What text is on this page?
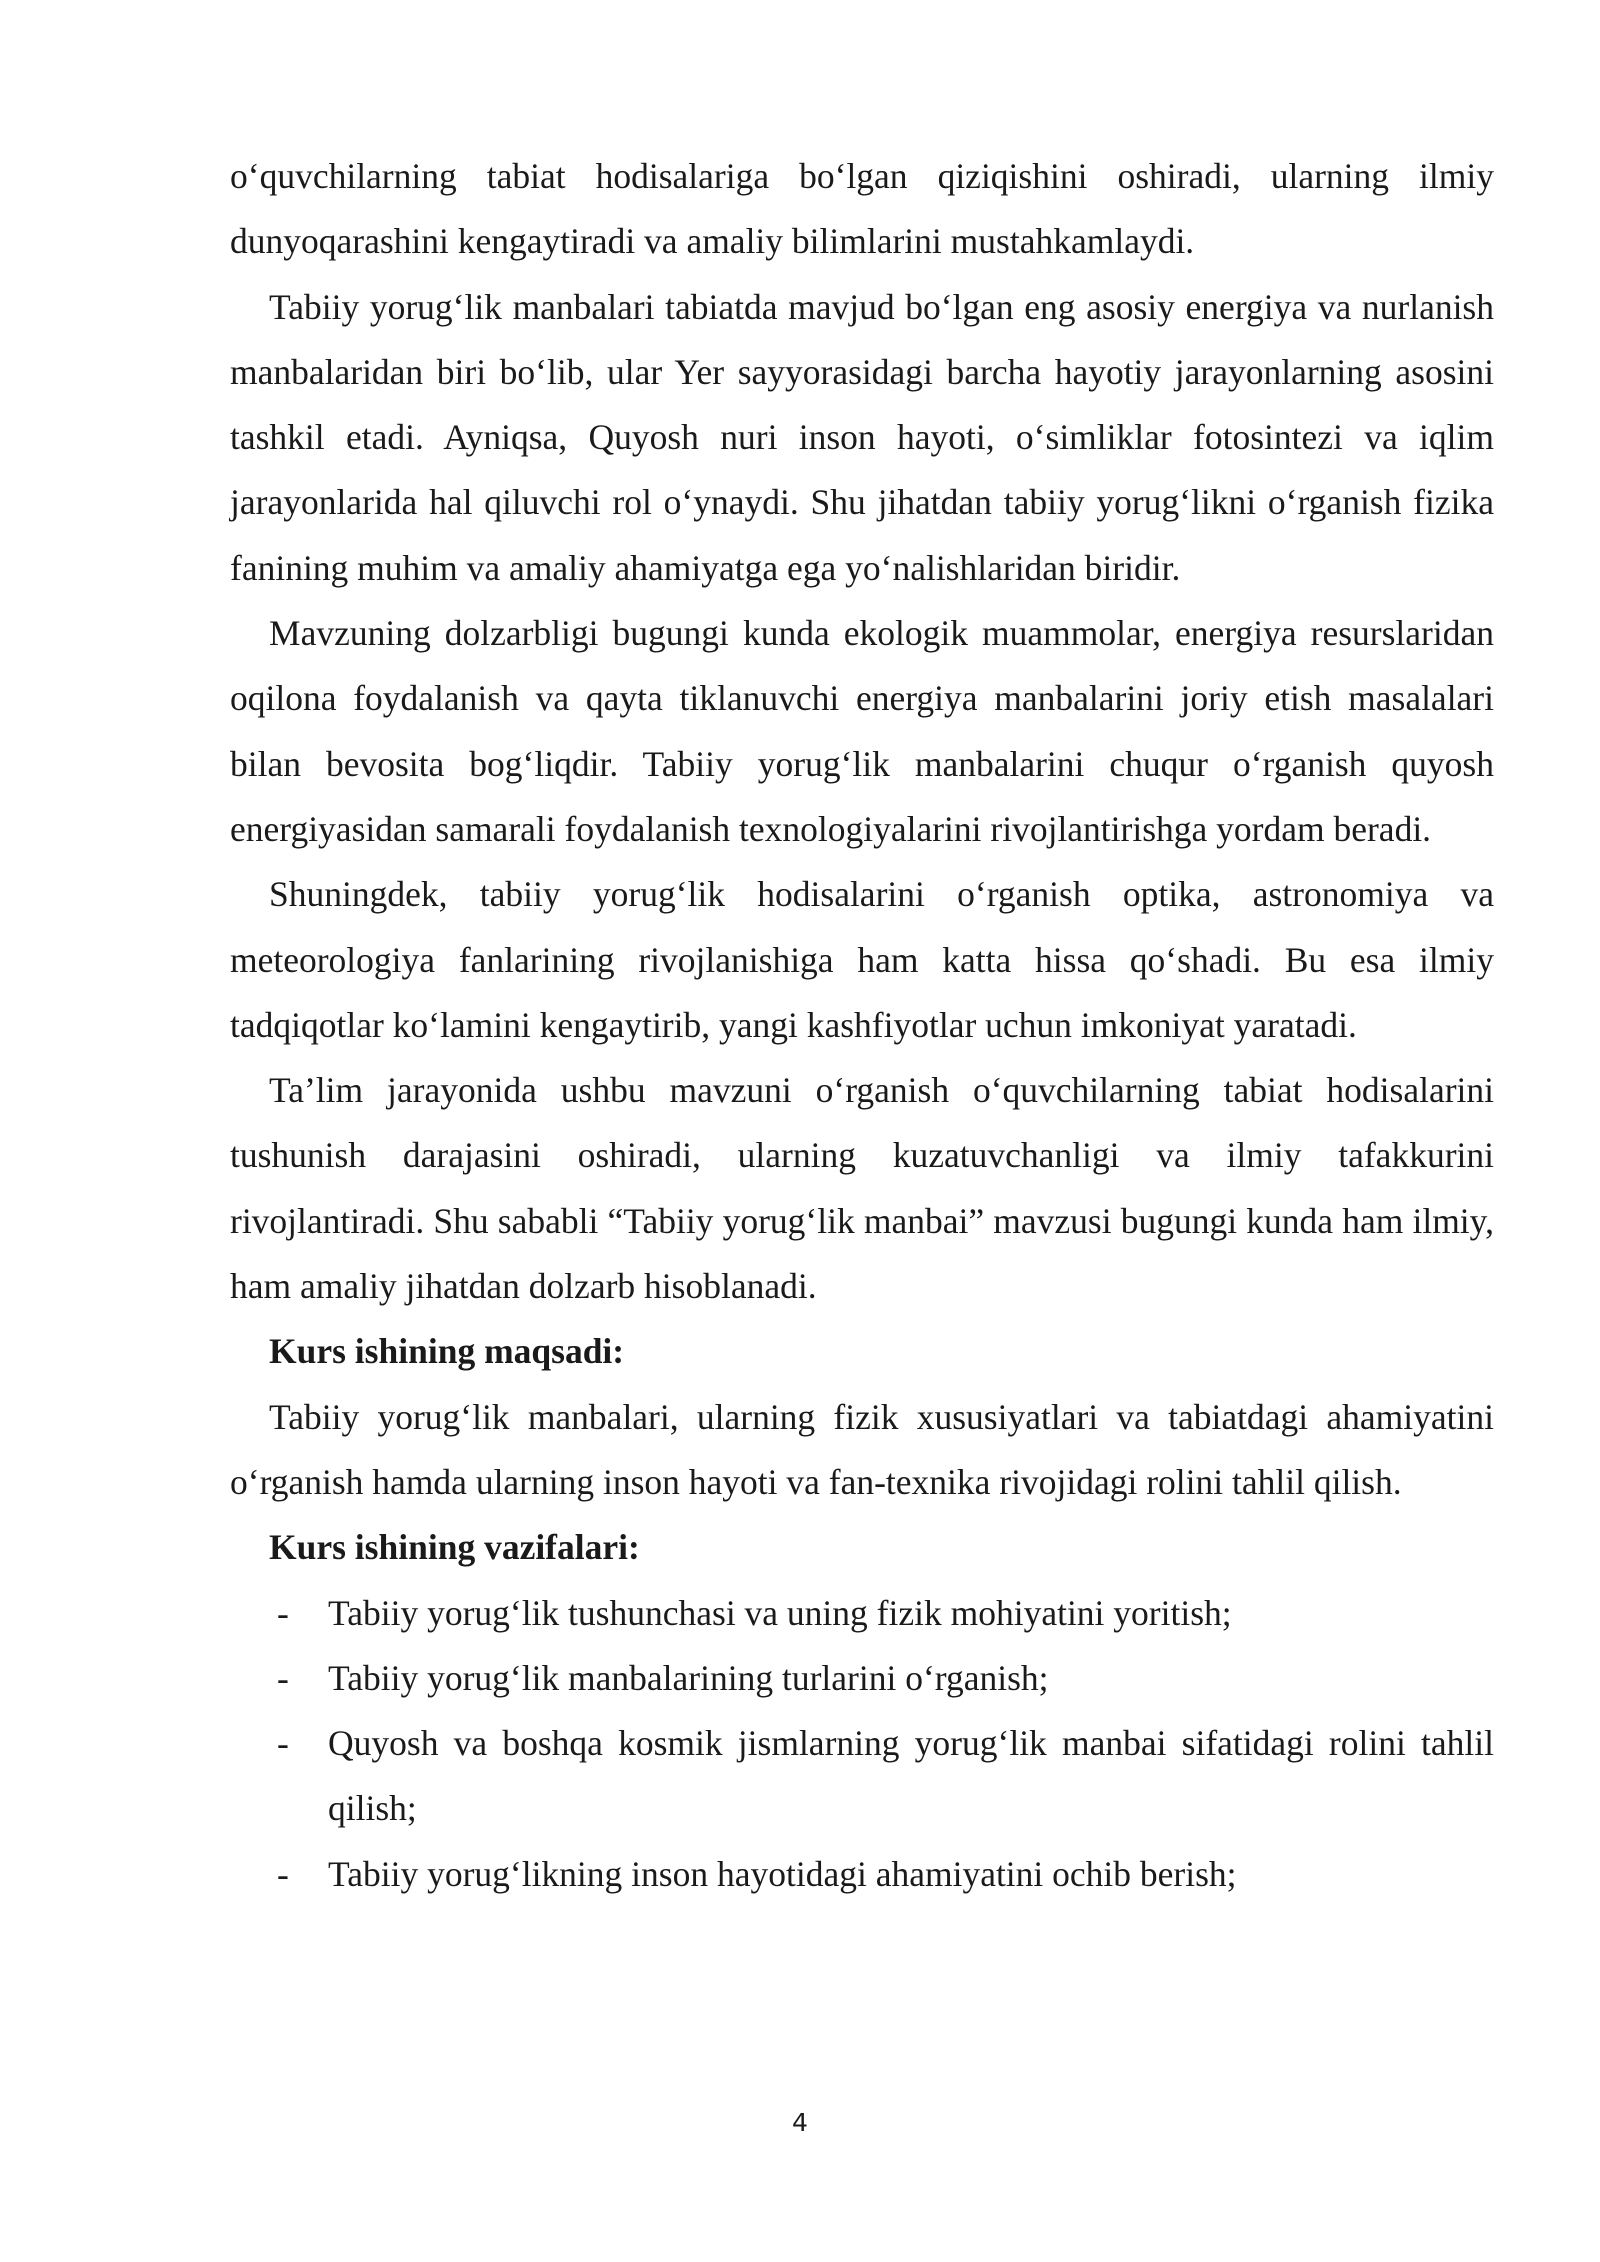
o‘quvchilarning tabiat hodisalariga bo‘lgan qiziqishini oshiradi, ularning ilmiy dunyoqarashini kengaytiradi va amaliy bilimlarini mustahkamlaydi.

Tabiiy yorug‘lik manbalari tabiatda mavjud bo‘lgan eng asosiy energiya va nurlanish manbalaridan biri bo‘lib, ular Yer sayyorasidagi barcha hayotiy jarayonlarning asosini tashkil etadi. Ayniqsa, Quyosh nuri inson hayoti, o‘simliklar fotosintezi va iqlim jarayonlarida hal qiluvchi rol o‘ynaydi. Shu jihatdan tabiiy yorug‘likni o‘rganish fizika fanining muhim va amaliy ahamiyatga ega yo‘nalishlaridan biridir.

Mavzuning dolzarbligi bugungi kunda ekologik muammolar, energiya resurslaridan oqilona foydalanish va qayta tiklanuvchi energiya manbalarini joriy etish masalalari bilan bevosita bog‘liqdir. Tabiiy yorug‘lik manbalarini chuqur o‘rganish quyosh energiyasidan samarali foydalanish texnologiyalarini rivojlantirishga yordam beradi.

Shuningdek, tabiiy yorug‘lik hodisalarini o‘rganish optika, astronomiya va meteorologiya fanlarining rivojlanishiga ham katta hissa qo‘shadi. Bu esa ilmiy tadqiqotlar ko‘lamini kengaytirib, yangi kashfiyotlar uchun imkoniyat yaratadi.

Ta’lim jarayonida ushbu mavzuni o‘rganish o‘quvchilarning tabiat hodisalarini tushunish darajasini oshiradi, ularning kuzatuvchanligi va ilmiy tafakkurini rivojlantiradi. Shu sababli “Tabiiy yorug‘lik manbai” mavzusi bugungi kunda ham ilmiy, ham amaliy jihatdan dolzarb hisoblanadi.

Kurs ishining maqsadi:

Tabiiy yorug‘lik manbalari, ularning fizik xususiyatlari va tabiatdagi ahamiyatini o‘rganish hamda ularning inson hayoti va fan-texnika rivojidagi rolini tahlil qilish.

Kurs ishining vazifalari:

- Tabiiy yorug‘lik tushunchasi va uning fizik mohiyatini yoritish;
- Tabiiy yorug‘lik manbalarining turlarini o‘rganish;
- Quyosh va boshqa kosmik jismlarning yorug‘lik manbai sifatidagi rolini tahlil qilish;
- Tabiiy yorug‘likning inson hayotidagi ahamiyatini ochib berish;
4
